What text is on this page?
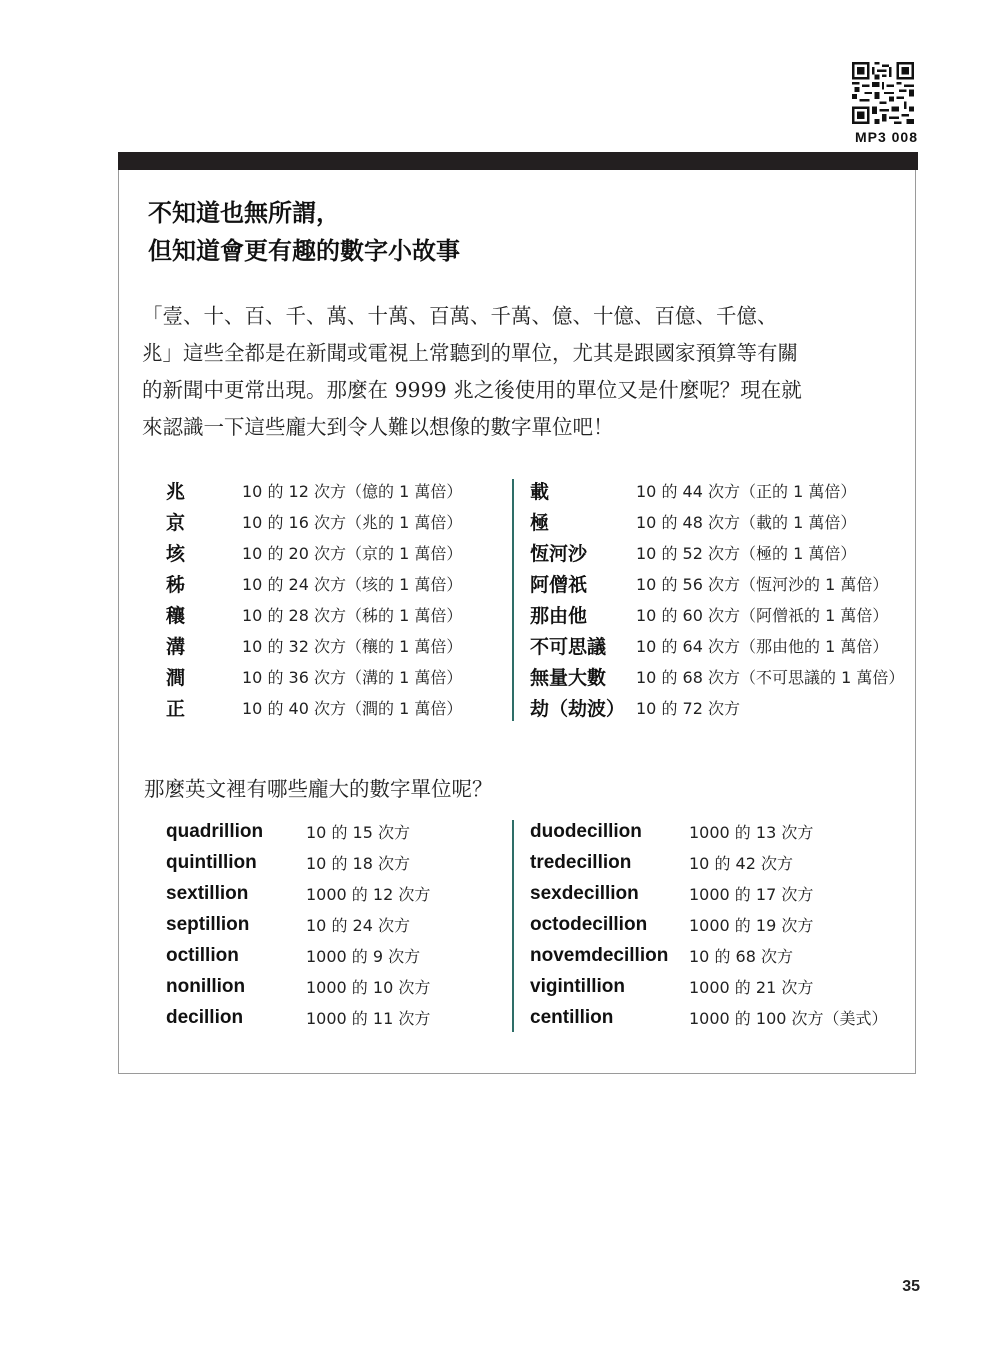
MP3 008
不知道也無所謂，
但知道會更有趣的數字小故事
「壹、十、百、千、萬、十萬、百萬、千萬、億、十億、百億、千億、
兆」這些全都是在新聞或電視上常聽到的單位，尤其是跟國家預算等有關
的新聞中更常出現。那麼在 9999 兆之後使用的單位又是什麼呢？現在就
來認識一下這些龐大到令人難以想像的數字單位吧！
兆	10 的 12 次方（億的 1 萬倍）
京	10 的 16 次方（兆的 1 萬倍）
垓	10 的 20 次方（京的 1 萬倍）
秭	10 的 24 次方（垓的 1 萬倍）
穰	10 的 28 次方（秭的 1 萬倍）
溝	10 的 32 次方（穰的 1 萬倍）
澗	10 的 36 次方（溝的 1 萬倍）
正	10 的 40 次方（澗的 1 萬倍）
載	10 的 44 次方（正的 1 萬倍）
極	10 的 48 次方（載的 1 萬倍）
恆河沙	10 的 52 次方（極的 1 萬倍）
阿僧祇	10 的 56 次方（恆河沙的 1 萬倍）
那由他	10 的 60 次方（阿僧祇的 1 萬倍）
不可思議	10 的 64 次方（那由他的 1 萬倍）
無量大數	10 的 68 次方（不可思議的 1 萬倍）
劫（劫波） 10 的 72 次方
那麼英文裡有哪些龐大的數字單位呢？
quadrillion	10 的 15 次方
quintillion	10 的 18 次方
sextillion	1000 的 12 次方
septillion	10 的 24 次方
octillion	1000 的 9 次方
nonillion	1000 的 10 次方
decillion	1000 的 11 次方
duodecillion	1000 的 13 次方
tredecillion	10 的 42 次方
sexdecillion	1000 的 17 次方
octodecillion	1000 的 19 次方
novemdecillion	10 的 68 次方
vigintillion	1000 的 21 次方
centillion	1000 的 100 次方（美式）
35
